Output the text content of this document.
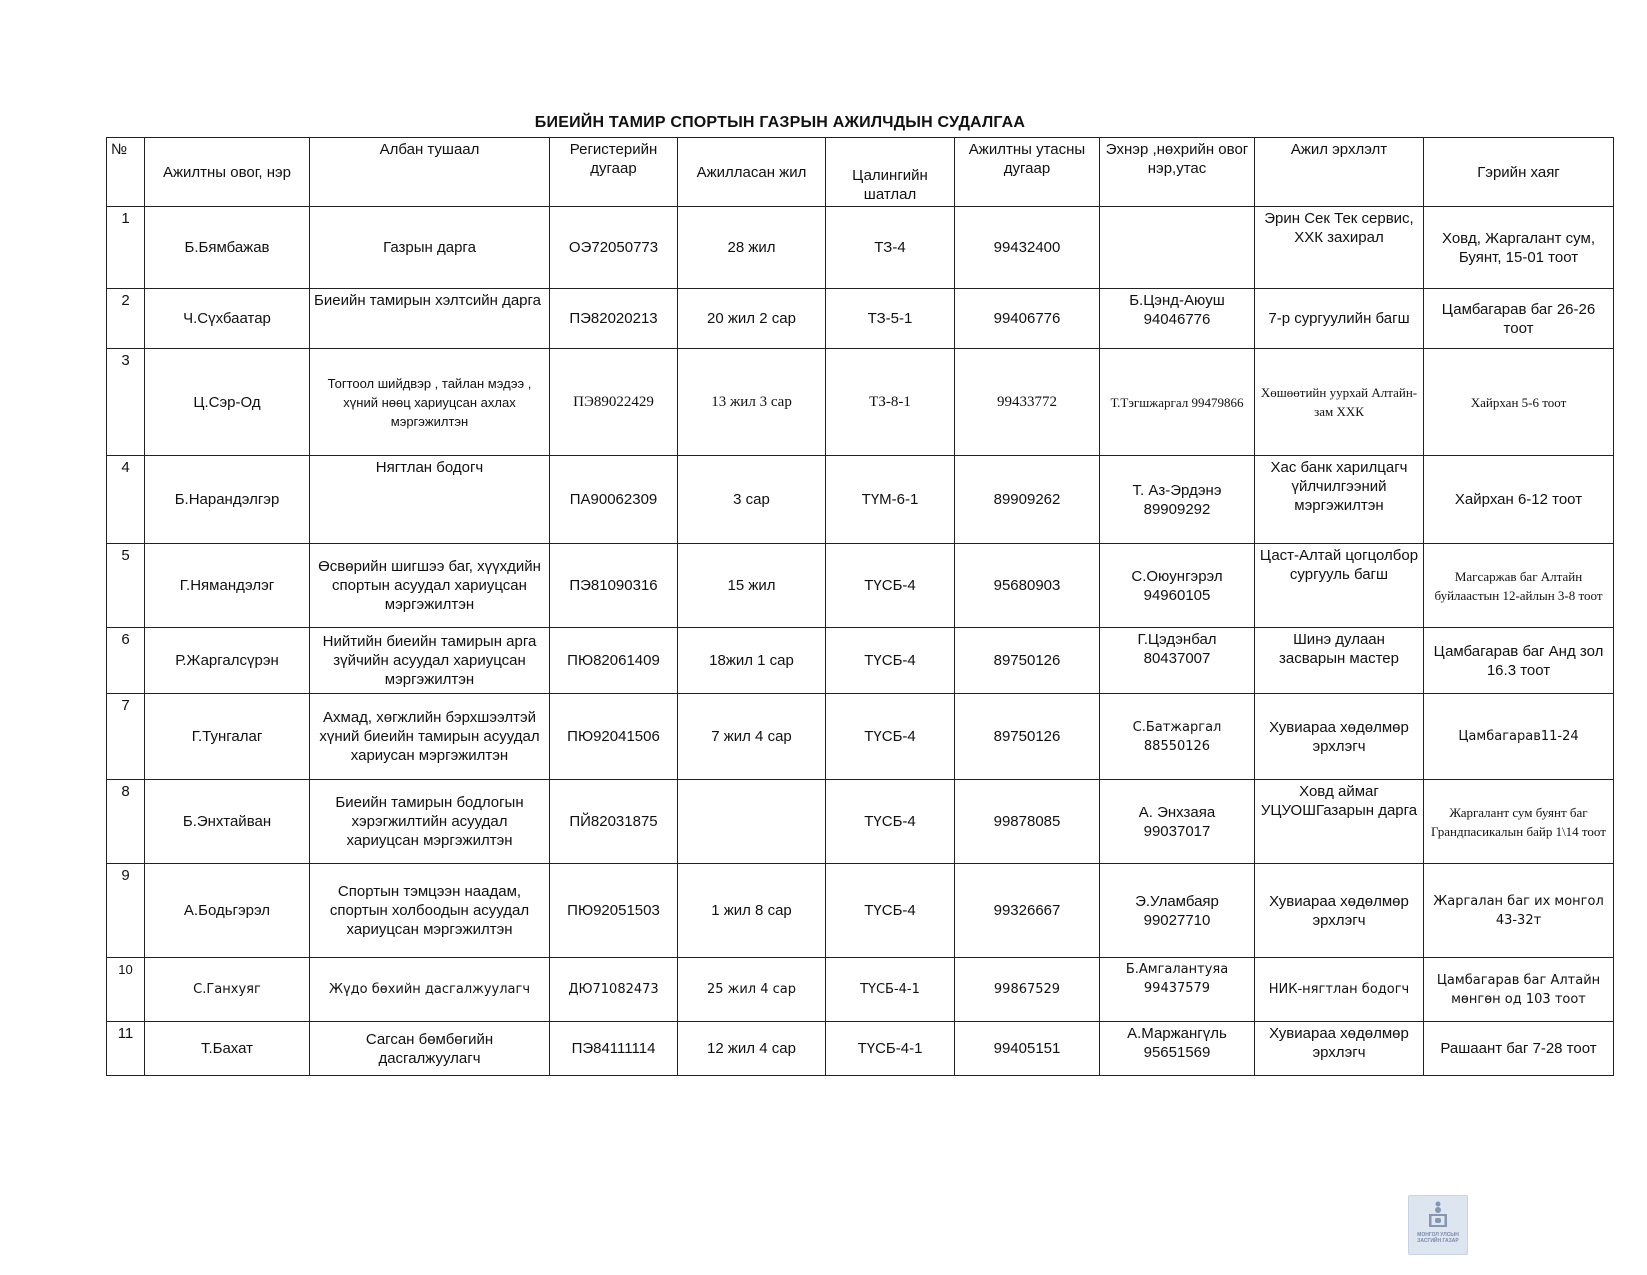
БИЕИЙН ТАМИР СПОРТЫН ГАЗРЫН АЖИЛЧДЫН СУДАЛГАА
№	Ажилтны овог, нэр	Албан тушаал	Регистерийн дугаар	Ажилласан жил	Цалингийн шатлал	Ажилтны утасны дугаар	Эхнэр ,нөхрийн овог нэр,утас	Ажил эрхлэлт	Гэрийн хаяг
1	Б.Бямбажав	Газрын дарга	ОЭ72050773	28 жил	ТЗ-4	99432400		Эрин Сек Тек сервис, ХХК захирал	Ховд, Жаргалант сум, Буянт, 15-01 тоот
2	Ч.Сүхбаатар	Биеийн тамирын хэлтсийн дарга	ПЭ82020213	20 жил 2 сар	ТЗ-5-1	99406776	Б.Цэнд-Аюуш 94046776	7-р сургуулийн багш	Цамбагарав баг 26-26 тоот
3	Ц.Сэр-Од	Тогтоол шийдвэр , тайлан мэдээ , хүний нөөц хариуцсан ахлах мэргэжилтэн	ПЭ89022429	13 жил 3 сар	ТЗ-8-1	99433772	Т.Тэгшжаргал 99479866	Хөшөөтийн уурхай Алтайн-зам ХХК	Хайрхан 5-6 тоот
4	Б.Нарандэлгэр	Нягтлан бодогч	ПА90062309	3 сар	ТҮМ-6-1	89909262	Т. Аз-Эрдэнэ 89909292	Хас банк харилцагч үйлчилгээний мэргэжилтэн	Хайрхан 6-12 тоот
5	Г.Нямандэлэг	Өсвөрийн шигшээ баг, хүүхдийн спортын асуудал хариуцсан мэргэжилтэн	ПЭ81090316	15 жил	ТҮСБ-4	95680903	С.Оюунгэрэл 94960105	Цаст-Алтай цогцолбор сургууль багш	Магсаржав баг Алтайн буйлаастын 12-айлын 3-8 тоот
6	Р.Жаргалсүрэн	Нийтийн биеийн тамирын арга зүйчийн асуудал хариуцсан мэргэжилтэн	ПЮ82061409	18жил 1 сар	ТҮСБ-4	89750126	Г.Цэдэнбал 80437007	Шинэ дулаан засварын мастер	Цамбагарав баг Анд зол 16.3 тоот
7	Г.Тунгалаг	Ахмад, хөгжлийн бэрхшээлтэй хүний биеийн тамирын асуудал хариусан мэргэжилтэн	ПЮ92041506	7 жил 4 сар	ТҮСБ-4	89750126	С.Батжаргал 88550126	Хувиараа хөдөлмөр эрхлэгч	Цамбагарав11-24
8	Б.Энхтайван	Биеийн тамирын бодлогын хэрэгжилтийн асуудал хариуцсан мэргэжилтэн	ПЙ82031875		ТҮСБ-4	99878085	А. Энхзаяа 99037017	Ховд аймаг УЦУОШГазарын дарга	Жаргалант сум буянт баг Грандпасикалын байр 1\14 тоот
9	А.Бодьгэрэл	Спортын тэмцээн наадам, спортын холбоодын асуудал хариуцсан мэргэжилтэн	ПЮ92051503	1 жил 8 сар	ТҮСБ-4	99326667	Э.Уламбаяр 99027710	Хувиараа хөдөлмөр эрхлэгч	Жаргалан баг их монгол 43-32т
10	С.Ганхуяг	Жүдо бөхийн дасгалжуулагч	ДЮ71082473	25 жил 4 сар	ТҮСБ-4-1	99867529	Б.Амгалантуяа 99437579	НИК-нягтлан бодогч	Цамбагарав баг Алтайн мөнгөн од 103 тоот
11	Т.Бахат	Сагсан бөмбөгийн дасгалжуулагч	ПЭ84111114	12 жил 4 сар	ТҮСБ-4-1	99405151	А.Маржангүль 95651569	Хувиараа хөдөлмөр эрхлэгч	Рашаант баг 7-28 тоот
МОНГОЛ УЛСЫН
ЗАСГИЙН ГАЗАР
